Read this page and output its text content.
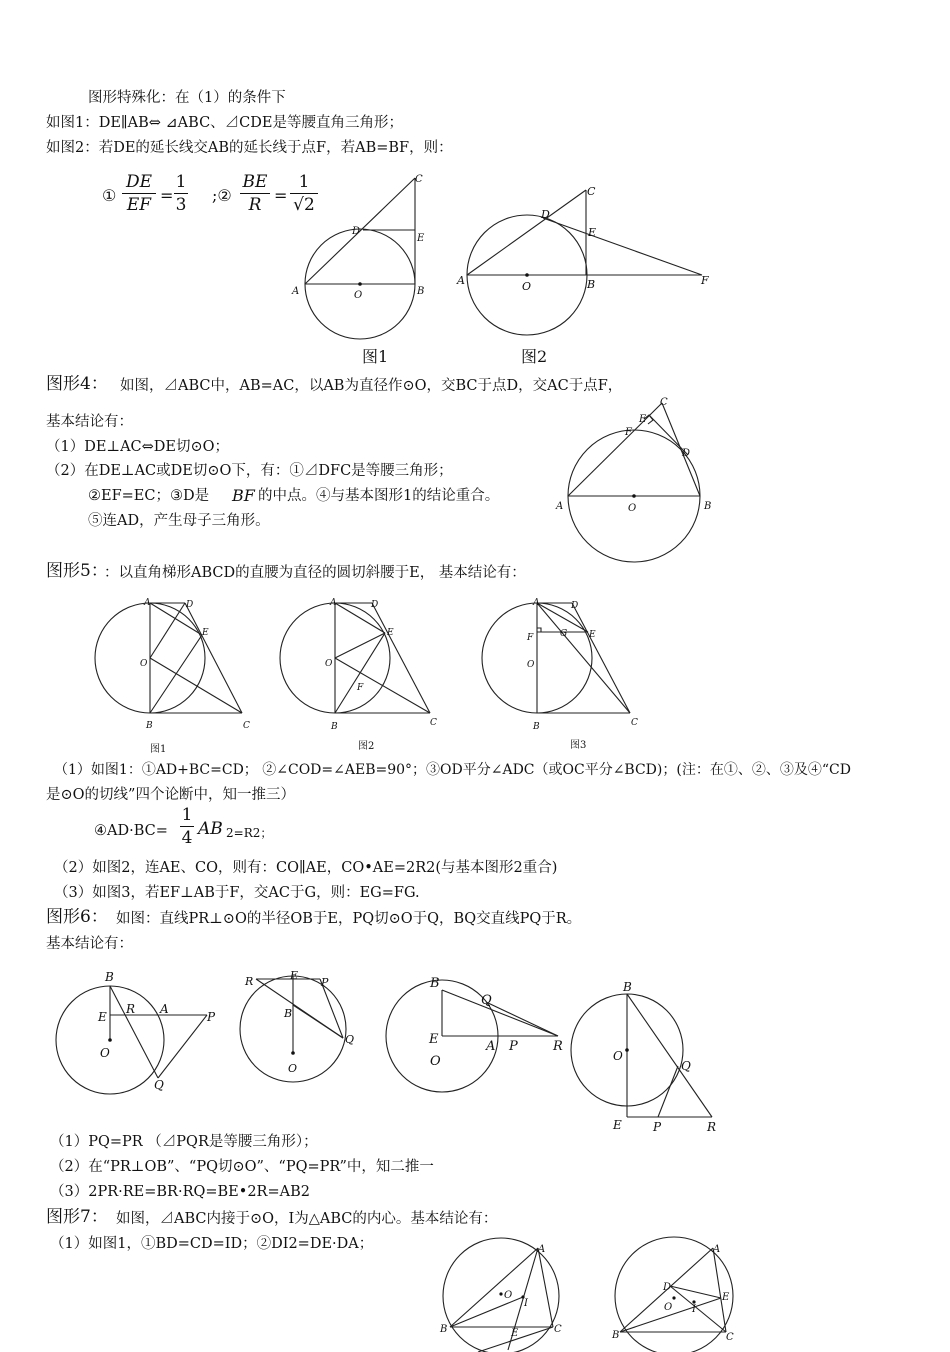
图形特殊化：在（1）的条件下
如图1：DE∥AB⇔ ⊿ABC、⊿CDE是等腰直角三角形；
如图2：若DE的延长线交AB的延长线于点F，若AB=BF，则：
①
DE
EF =
1
3 ;②
BE
R =
1
√2
A	B
C
D
E
O
A	B
C
D
E
F
O
图1	图2
图形4： 如图，⊿ABC中，AB=AC，以AB为直径作⊙O，交BC于点D，交AC于点F，
基本结论有：
（1）DE⊥AC⇔DE切⊙O；
（2）在DE⊥AC或DE切⊙O下，有：①⊿DFC是等腰三角形；
②EF=EC；③D是 BF 的中点。④与基本图形1的结论重合。
⑤连AD，产生母子三角形。
A	B
C
D
E
F
O
图形5：
：以直角梯形ABCD的直腰为直径的圆切斜腰于E， 基本结论有：
A	D
E
O
B	C
A	D
E
O
F
B	C
A	D
E
F	G
O
B	C
图1	图2	图3
（1）如图1：①AD+BC=CD； ②∠COD=∠AEB=90°；③OD平分∠ADC（或OC平分∠BCD)；(注：在①、②、③及④“CD
是⊙O的切线”四个论断中，知一推三）
④AD·BC=
1
4 AB 2=R2；
（2）如图2，连AE、CO，则有：CO∥AE，CO•AE=2R2(与基本图形2重合)
（3）如图3，若EF⊥AB于F，交AC于G，则：EG=FG.
图形6： 如图：直线PR⊥⊙O的半径OB于E，PQ切⊙O于Q，BQ交直线PQ于R。
基本结论有：
B
E
R A
P
O
Q
R	E
P
B
Q
O
B
Q
E
O
A P	R
B
O
Q
E	P	R
（1）PQ=PR （⊿PQR是等腰三角形）；
（2）在“PR⊥OB”、“PQ切⊙O”、“PQ=PR”中，知二推一
（3）2PR·RE=BR·RQ=BE•2R=AB2
图形7： 如图，⊿ABC内接于⊙O，I为△ABC的内心。基本结论有：
（1）如图1，①BD=CD=ID；②DI2=DE·DA；	A
O
I
B	C
E
A
D
O I
E
B	C
